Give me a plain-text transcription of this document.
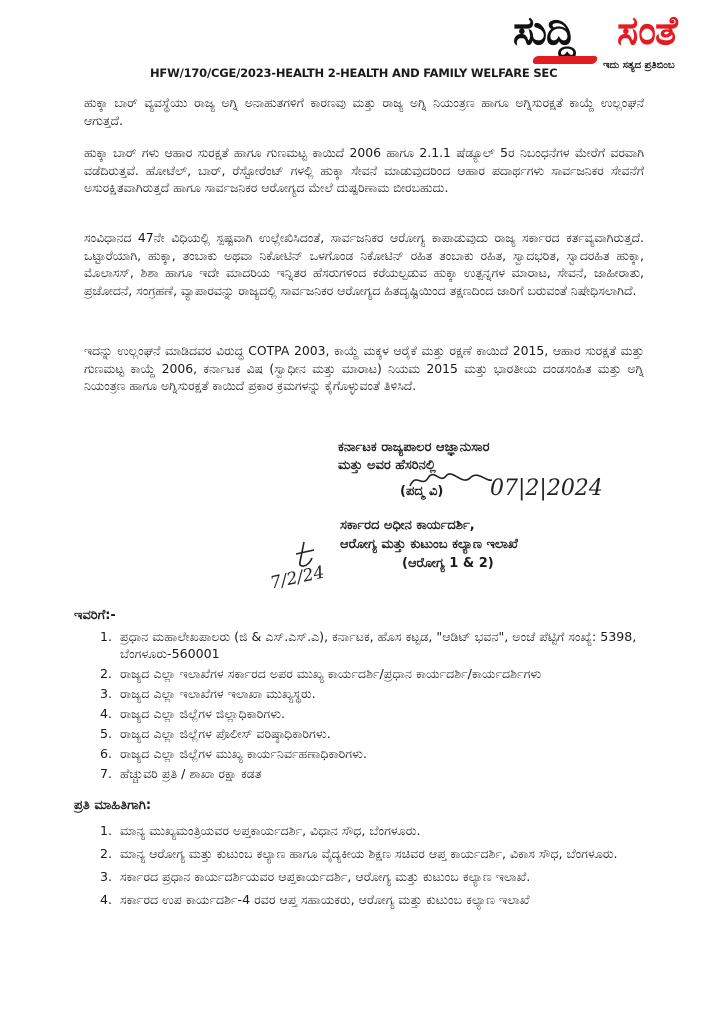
ಸುದ್ದಿ ಸಂತೆ
ಇದು ಸತ್ಯದ ಪ್ರತಿಬಿಂಬ
HFW/170/CGE/2023-HEALTH 2-HEALTH AND FAMILY WELFARE SEC
ಹುಕ್ಕಾ ಬಾರ್ ವ್ಯವಸ್ಥೆಯು ರಾಜ್ಯ ಅಗ್ನಿ ಅನಾಹುತಗಳಿಗೆ ಕಾರಣವು ಮತ್ತು ರಾಜ್ಯ ಅಗ್ನಿ ನಿಯಂತ್ರಣ ಹಾಗೂ ಅಗ್ನಿಸುರಕ್ಷತೆ ಕಾಯ್ದೆ ಉಲ್ಲಂಘನೆ ಆಗುತ್ತದೆ.
ಹುಕ್ಕಾ ಬಾರ್ ಗಳು ಆಹಾರ ಸುರಕ್ಷತೆ ಹಾಗೂ ಗುಣಮಟ್ಟ ಕಾಯಿದೆ 2006 ಹಾಗೂ 2.1.1 ಷೆಡ್ಯೂಲ್ 5ರ ನಿಬಂಧನೆಗಳ ಮೇರೆಗೆ ವರವಾಗಿ ವಡೆದಿರುತ್ತವೆ. ಹೋಟೆಲ್, ಬಾರ್, ರೆಸ್ಟೋರೆಂಟ್ ಗಳಲ್ಲಿ ಹುಕ್ಕಾ ಸೇವನೆ ಮಾಡುವುದರಿಂದ ಆಹಾರ ಪದಾರ್ಥಗಳು ಸಾರ್ವಜನಿಕರ ಸೇವನೆಗೆ ಅಸುರಕ್ಷಿತವಾಗಿರುತ್ತದೆ ಹಾಗೂ ಸಾರ್ವಜನಿಕರ ಆರೋಗ್ಯದ ಮೇಲೆ ದುಷ್ಪರಿಣಾಮ ಬೀರಬಹುದು.
ಸಂವಿಧಾನದ 47ನೇ ವಿಧಿಯಲ್ಲಿ ಸ್ಪಷ್ಟವಾಗಿ ಉಲ್ಲೇಖಿಸಿದಂತೆ, ಸಾರ್ವಜನಿಕರ ಆರೋಗ್ಯ ಕಾಪಾಡುವುದು ರಾಜ್ಯ ಸರ್ಕಾರದ ಕರ್ತವ್ಯವಾಗಿರುತ್ತದೆ. ಒಟ್ಟಾರೆಯಾಗಿ, ಹುಕ್ಕಾ, ತಂಬಾಕು ಅಥವಾ ನಿಕೋಟಿನ್ ಒಳಗೊಂಡ ನಿಕೋಟಿನ್ ರಹಿತ ತಂಬಾಕು ರಹಿತ, ಸ್ವಾದಭರಿತ, ಸ್ವಾದರಹಿತ ಹುಕ್ಕಾ, ಮೊಲಾಸಸ್, ಶಿಶಾ ಹಾಗೂ ಇದೇ ಮಾದರಿಯ ಇನ್ನಿತರ ಹೆಸರುಗಳಿಂದ ಕರೆಯಲ್ಪಡುವ ಹುಕ್ಕಾ ಉತ್ಪನ್ನಗಳ ಮಾರಾಟ, ಸೇವನೆ, ಜಾಹೀರಾತು, ಪ್ರಚೋದನೆ, ಸಂಗ್ರಹಣೆ, ವ್ಯಾಪಾರವನ್ನು ರಾಜ್ಯದಲ್ಲಿ ಸಾರ್ವಜನಿಕರ ಆರೋಗ್ಯದ ಹಿತದೃಷ್ಟಿಯಿಂದ ತಕ್ಷಣದಿಂದ ಜಾರಿಗೆ ಬರುವಂತೆ ನಿಷೇಧಿಸಲಾಗಿದೆ.
ಇದನ್ನು ಉಲ್ಲಂಘನೆ ಮಾಡಿದವರ ವಿರುದ್ಧ COTPA 2003, ಕಾಯ್ದೆ ಮಕ್ಕಳ ಆರೈಕೆ ಮತ್ತು ರಕ್ಷಣೆ ಕಾಯಿದೆ 2015, ಆಹಾರ ಸುರಕ್ಷತೆ ಮತ್ತು ಗುಣಮಟ್ಟ ಕಾಯ್ದೆ 2006, ಕರ್ನಾಟಕ ವಿಷ (ಸ್ವಾಧೀನ ಮತ್ತು ಮಾರಾಟ) ನಿಯಮ 2015 ಮತ್ತು ಭಾರತೀಯ ದಂಡಸಂಹಿತ ಮತ್ತು ಅಗ್ನಿ ನಿಯಂತ್ರಣ ಹಾಗೂ ಅಗ್ನಿಸುರಕ್ಷತೆ ಕಾಯಿದೆ ಪ್ರಕಾರ ಕ್ರಮಗಳನ್ನು ಕೈಗೊಳ್ಳುವಂತೆ ತಿಳಿಸಿದೆ.
ಕರ್ನಾಟಕ ರಾಜ್ಯಪಾಲರ ಆಜ್ಞಾನುಸಾರ
ಮತ್ತು ಅವರ ಹೆಸರಿನಲ್ಲಿ
(ಪದ್ಮ ವಿ) 07|2|2024
ಸರ್ಕಾರದ ಅಧೀನ ಕಾರ್ಯದರ್ಶಿ,
ಆರೋಗ್ಯ ಮತ್ತು ಕುಟುಂಬ ಕಲ್ಯಾಣ ಇಲಾಖೆ
(ಆರೋಗ್ಯ 1 & 2)
7/2/24
ಇವರಿಗೆ:-
1. ಪ್ರಧಾನ ಮಹಾಲೇಖಪಾಲರು (ಜಿ & ಎಸ್.ಎಸ್.ಎ), ಕರ್ನಾಟಕ, ಹೊಸ ಕಟ್ಟಡ, "ಆಡಿಟ್ ಭವನ", ಅಂಚೆ ಪೆಟ್ಟಿಗೆ ಸಂಖ್ಯೆ: 5398, ಬೆಂಗಳೂರು-560001
2. ರಾಜ್ಯದ ಎಲ್ಲಾ ಇಲಾಖೆಗಳ ಸರ್ಕಾರದ ಅಪರ ಮುಖ್ಯ ಕಾರ್ಯದರ್ಶಿ/ಪ್ರಧಾನ ಕಾರ್ಯದರ್ಶಿ/ಕಾರ್ಯದರ್ಶಿಗಳು
3. ರಾಜ್ಯದ ಎಲ್ಲಾ ಇಲಾಖೆಗಳ ಇಲಾಖಾ ಮುಖ್ಯಸ್ಥರು.
4. ರಾಜ್ಯದ ಎಲ್ಲಾ ಜಿಲ್ಲೆಗಳ ಜಿಲ್ಲಾಧಿಕಾರಿಗಳು.
5. ರಾಜ್ಯದ ಎಲ್ಲಾ ಜಿಲ್ಲೆಗಳ ಪೊಲೀಸ್ ವರಿಷ್ಠಾಧಿಕಾರಿಗಳು.
6. ರಾಜ್ಯದ ಎಲ್ಲಾ ಜಿಲ್ಲೆಗಳ ಮುಖ್ಯ ಕಾರ್ಯನಿರ್ವಹಣಾಧಿಕಾರಿಗಳು.
7. ಹೆಚ್ಚುವರಿ ಪ್ರತಿ / ಶಾಖಾ ರಕ್ಷಾ ಕಡತ
ಪ್ರತಿ ಮಾಹಿತಿಗಾಗಿ:
1. ಮಾನ್ಯ ಮುಖ್ಯಮಂತ್ರಿಯವರ ಅಪ್ತಕಾರ್ಯದರ್ಶಿ, ವಿಧಾನ ಸೌಧ, ಬೆಂಗಳೂರು.
2. ಮಾನ್ಯ ಆರೋಗ್ಯ ಮತ್ತು ಕುಟುಂಬ ಕಲ್ಯಾಣ ಹಾಗೂ ವೈದ್ಯಕೀಯ ಶಿಕ್ಷಣ ಸಚಿವರ ಆಪ್ತ ಕಾರ್ಯದರ್ಶಿ, ವಿಕಾಸ ಸೌಧ, ಬೆಂಗಳೂರು.
3. ಸರ್ಕಾರದ ಪ್ರಧಾನ ಕಾರ್ಯದರ್ಶಿಯವರ ಆಪ್ತಕಾರ್ಯದರ್ಶಿ, ಆರೋಗ್ಯ ಮತ್ತು ಕುಟುಂಬ ಕಲ್ಯಾಣ ಇಲಾಖೆ.
4. ಸರ್ಕಾರದ ಉಪ ಕಾರ್ಯದರ್ಶಿ-4 ರವರ ಆಪ್ತ ಸಹಾಯಕರು, ಆರೋಗ್ಯ ಮತ್ತು ಕುಟುಂಬ ಕಲ್ಯಾಣ ಇಲಾಖೆ
